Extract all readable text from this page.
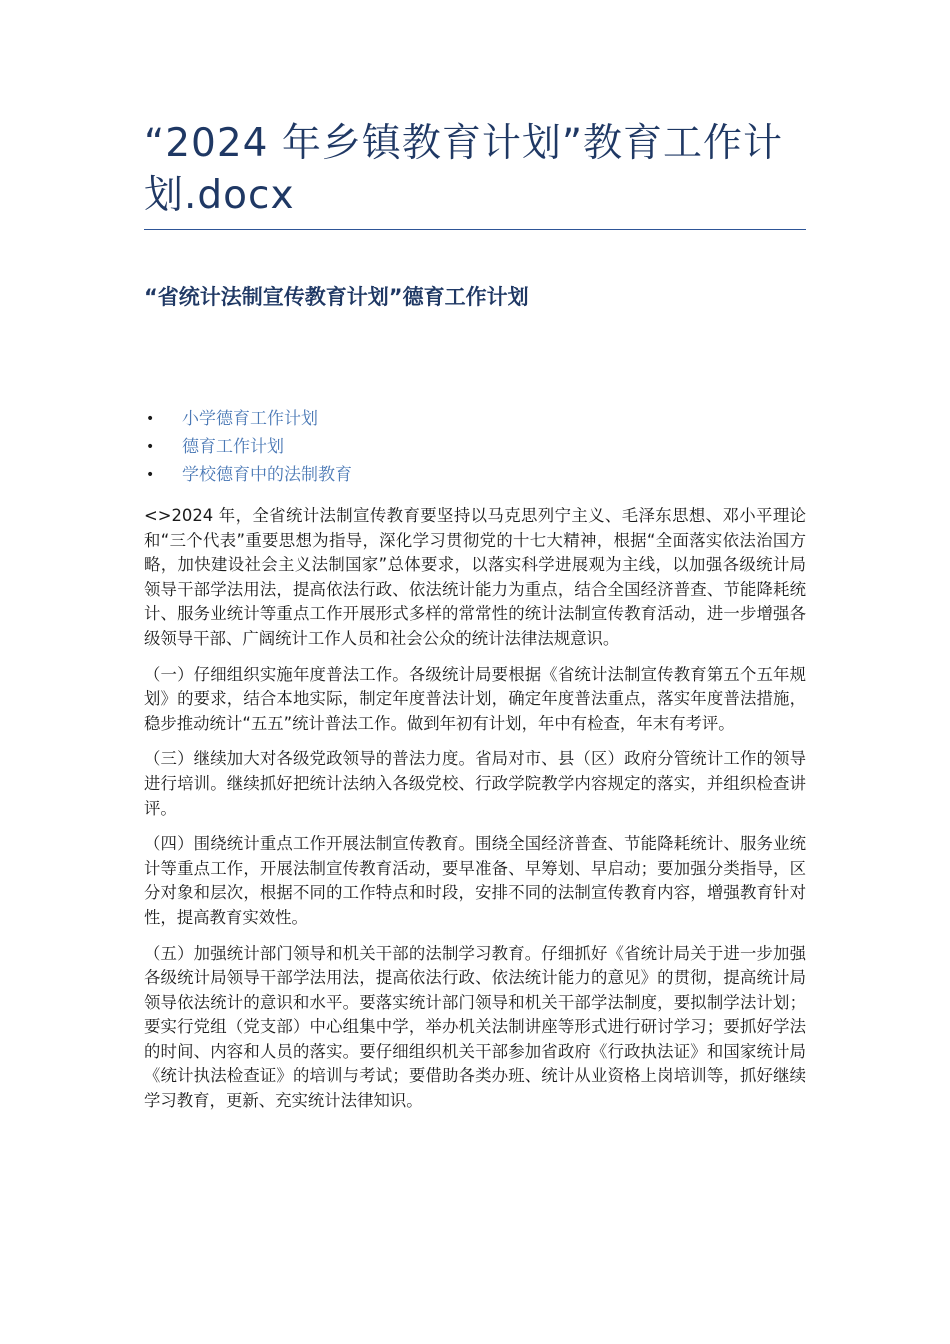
“2024 年乡镇教育计划”教育工作计划.docx
“省统计法制宣传教育计划”德育工作计划
• 小学德育工作计划
• 德育工作计划
• 学校德育中的法制教育

<>2024 年，全省统计法制宣传教育要坚持以马克思列宁主义、毛泽东思想、邓小平理论和“三个代表”重要思想为指导，深化学习贯彻党的十七大精神，根据“全面落实依法治国方略，加快建设社会主义法制国家”总体要求，以落实科学进展观为主线，以加强各级统计局领导干部学法用法，提高依法行政、依法统计能力为重点，结合全国经济普查、节能降耗统计、服务业统计等重点工作开展形式多样的常常性的统计法制宣传教育活动，进一步增强各级领导干部、广阔统计工作人员和社会公众的统计法律法规意识。

（一）仔细组织实施年度普法工作。各级统计局要根据《省统计法制宣传教育第五个五年规划》的要求，结合本地实际，制定年度普法计划，确定年度普法重点，落实年度普法措施，稳步推动统计“五五”统计普法工作。做到年初有计划，年中有检查，年末有考评。

（三）继续加大对各级党政领导的普法力度。省局对市、县（区）政府分管统计工作的领导进行培训。继续抓好把统计法纳入各级党校、行政学院教学内容规定的落实，并组织检查讲评。

（四）围绕统计重点工作开展法制宣传教育。围绕全国经济普查、节能降耗统计、服务业统计等重点工作，开展法制宣传教育活动，要早准备、早筹划、早启动；要加强分类指导，区分对象和层次，根据不同的工作特点和时段，安排不同的法制宣传教育内容，增强教育针对性，提高教育实效性。

（五）加强统计部门领导和机关干部的法制学习教育。仔细抓好《省统计局关于进一步加强各级统计局领导干部学法用法，提高依法行政、依法统计能力的意见》的贯彻，提高统计局领导依法统计的意识和水平。要落实统计部门领导和机关干部学法制度，要拟制学法计划；要实行党组（党支部）中心组集中学，举办机关法制讲座等形式进行研讨学习；要抓好学法的时间、内容和人员的落实。要仔细组织机关干部参加省政府《行政执法证》和国家统计局《统计执法检查证》的培训与考试；要借助各类办班、统计从业资格上岗培训等，抓好继续学习教育，更新、充实统计法律知识。
